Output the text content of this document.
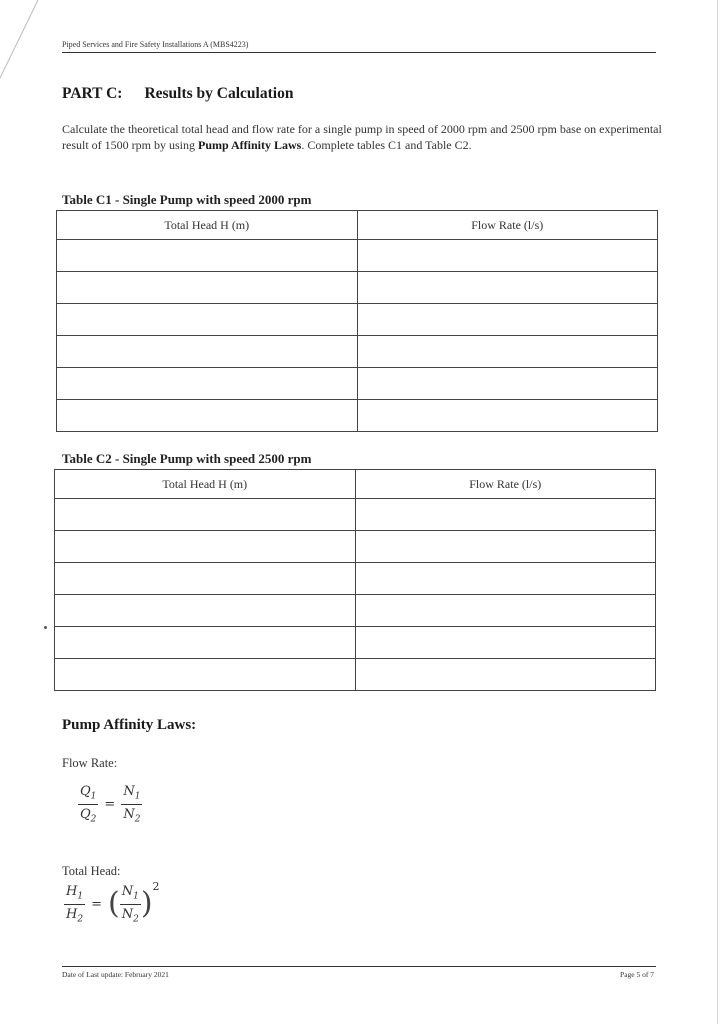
Piped Services and Fire Safety Installations A (MBS4223)
PART C: Results by Calculation
Calculate the theoretical total head and flow rate for a single pump in speed of 2000 rpm and 2500 rpm base on experimental result of 1500 rpm by using Pump Affinity Laws. Complete tables C1 and Table C2.
Table C1 - Single Pump with speed 2000 rpm
Total Head H (m)	Flow Rate (l/s)

Table C2 - Single Pump with speed 2500 rpm
Total Head H (m)	Flow Rate (l/s)

Pump Affinity Laws:
Flow Rate:
$\frac{Q_1}{Q_2} = \frac{N_1}{N_2}$
Total Head:
$\frac{H_1}{H_2}$ = ( $\frac{N_1}{N_2} )2$
Date of Last update: February 2021	Page 5 of 7
